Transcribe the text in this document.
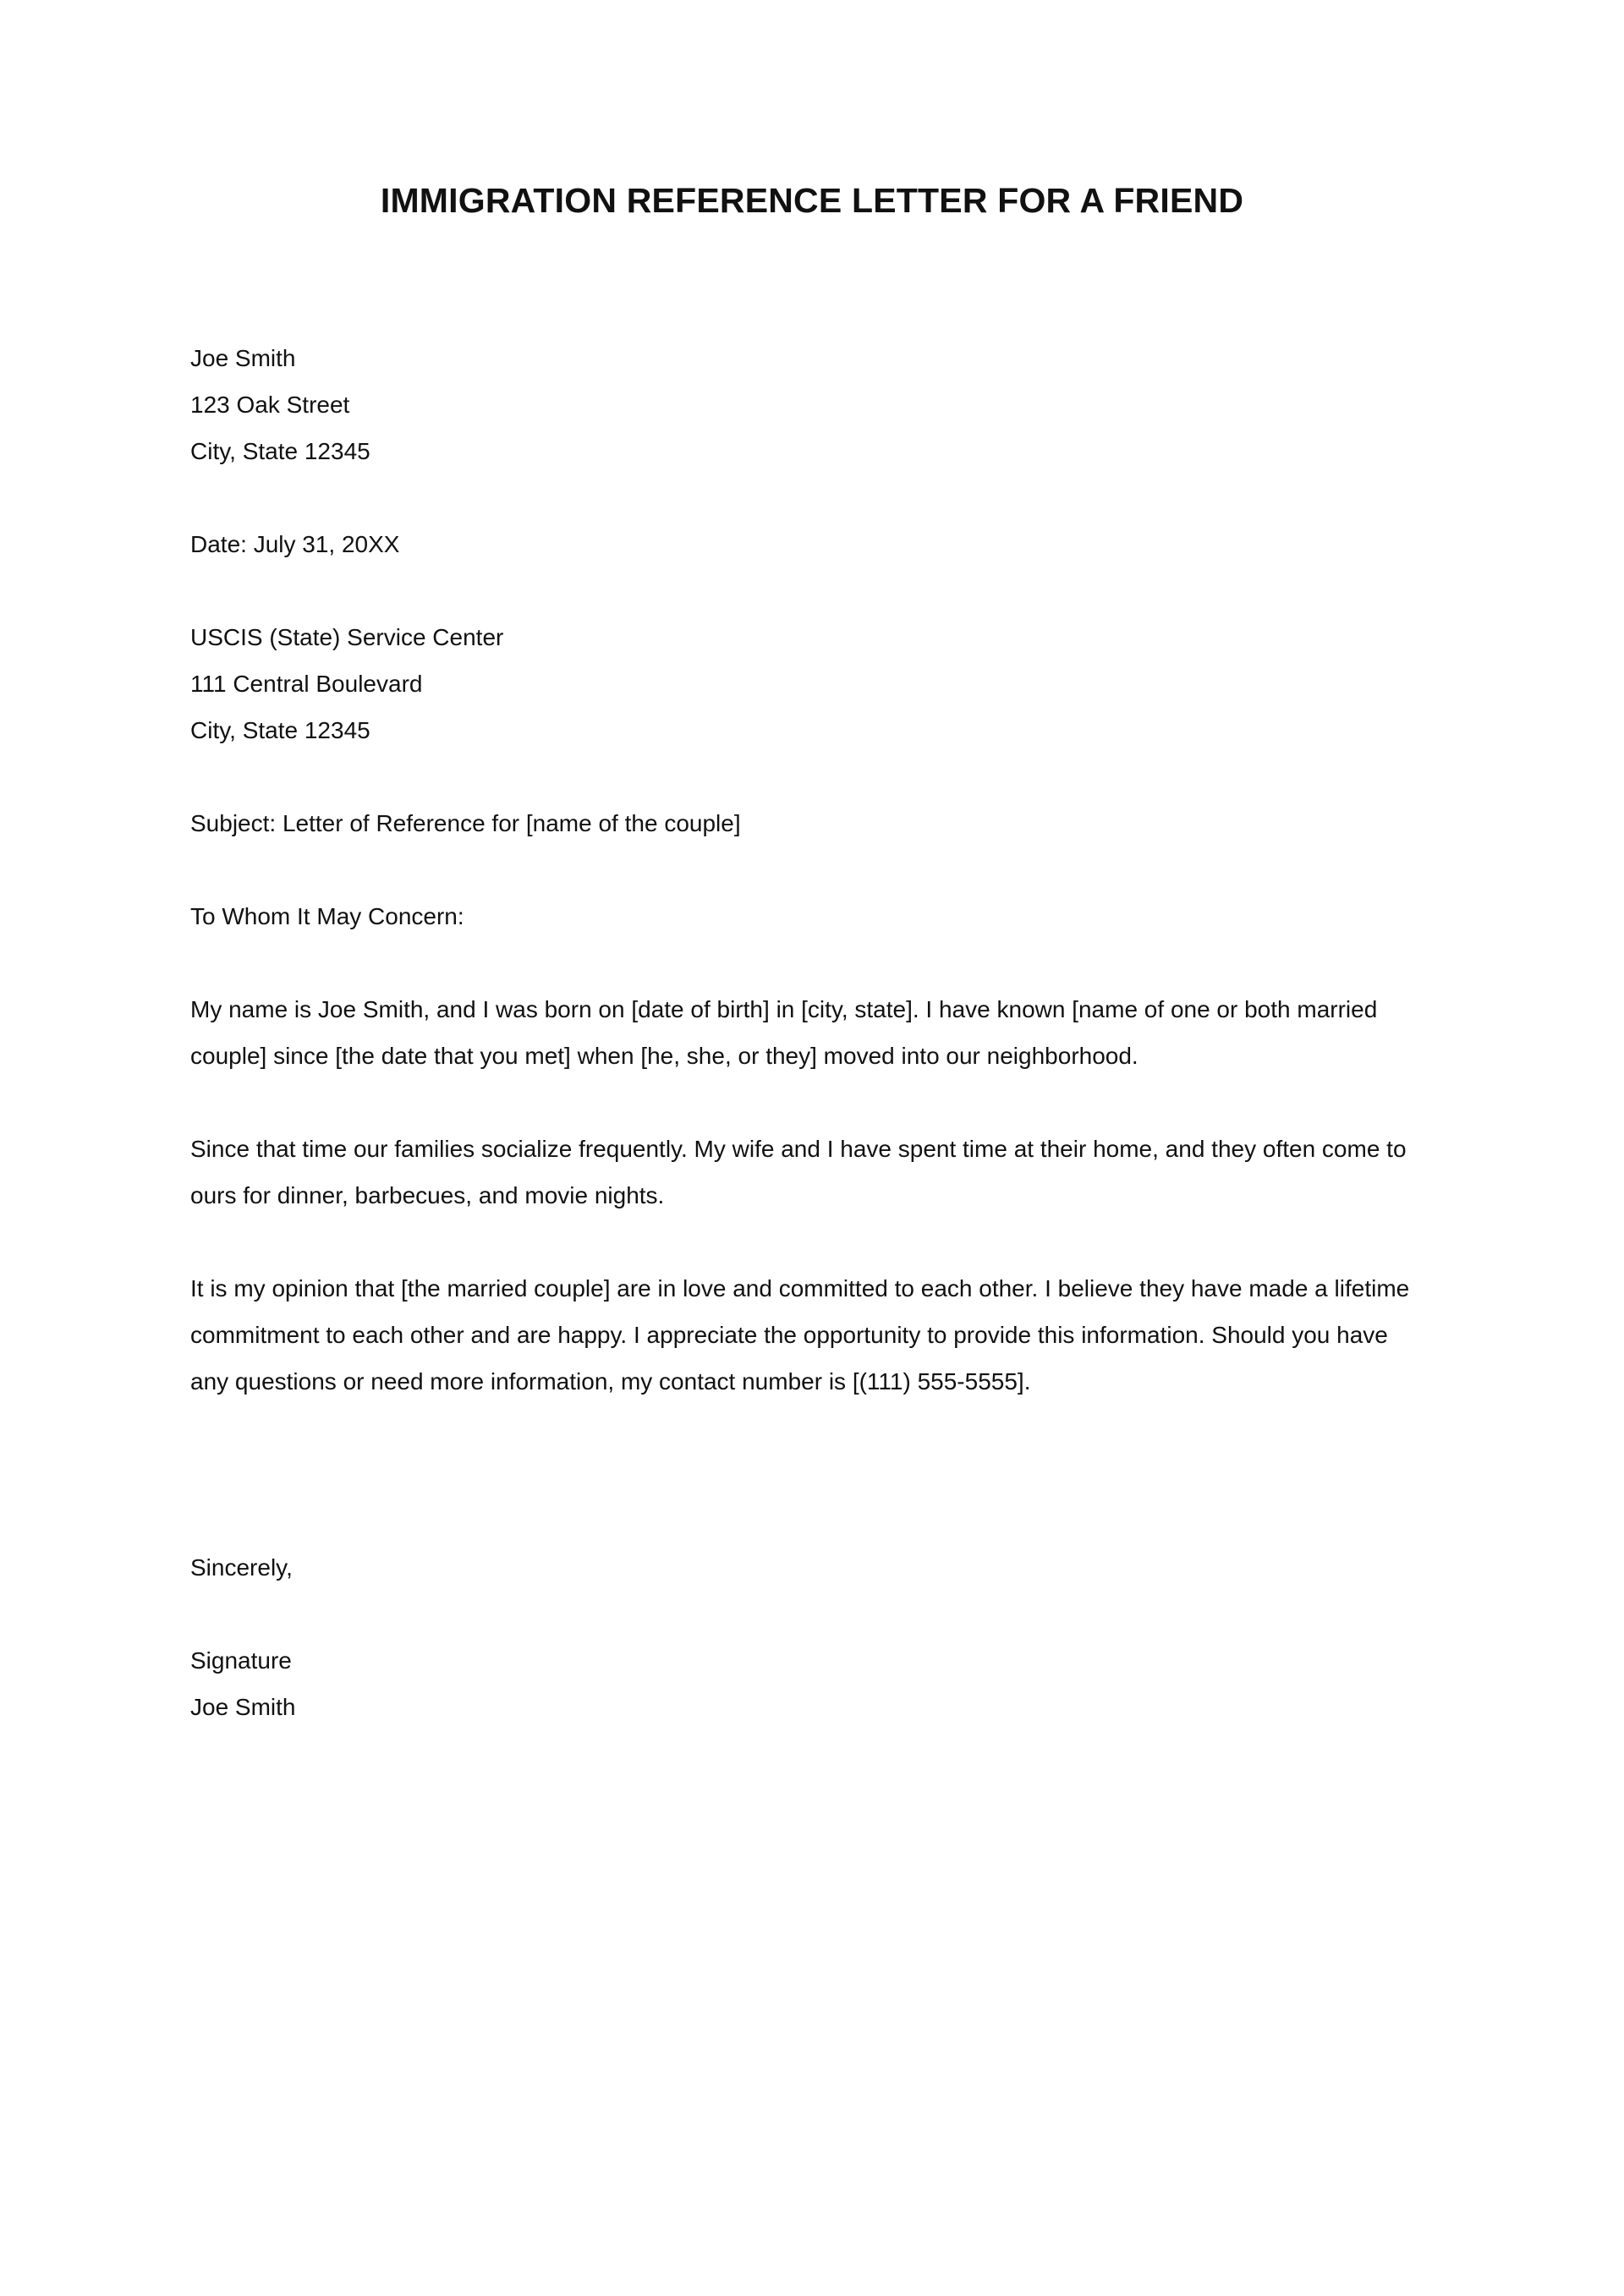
IMMIGRATION REFERENCE LETTER FOR A FRIEND
Joe Smith
123 Oak Street
City, State 12345
Date: July 31, 20XX
USCIS (State) Service Center
111 Central Boulevard
City, State 12345
Subject: Letter of Reference for [name of the couple]
To Whom It May Concern:

My name is Joe Smith, and I was born on [date of birth] in [city, state]. I have known [name of one or both married couple] since [the date that you met] when [he, she, or they] moved into our neighborhood.

Since that time our families socialize frequently. My wife and I have spent time at their home, and they often come to ours for dinner, barbecues, and movie nights.

It is my opinion that [the married couple] are in love and committed to each other. I believe they have made a lifetime commitment to each other and are happy. I appreciate the opportunity to provide this information. Should you have any questions or need more information, my contact number is [(111) 555-5555].

Sincerely,
Signature
Joe Smith
